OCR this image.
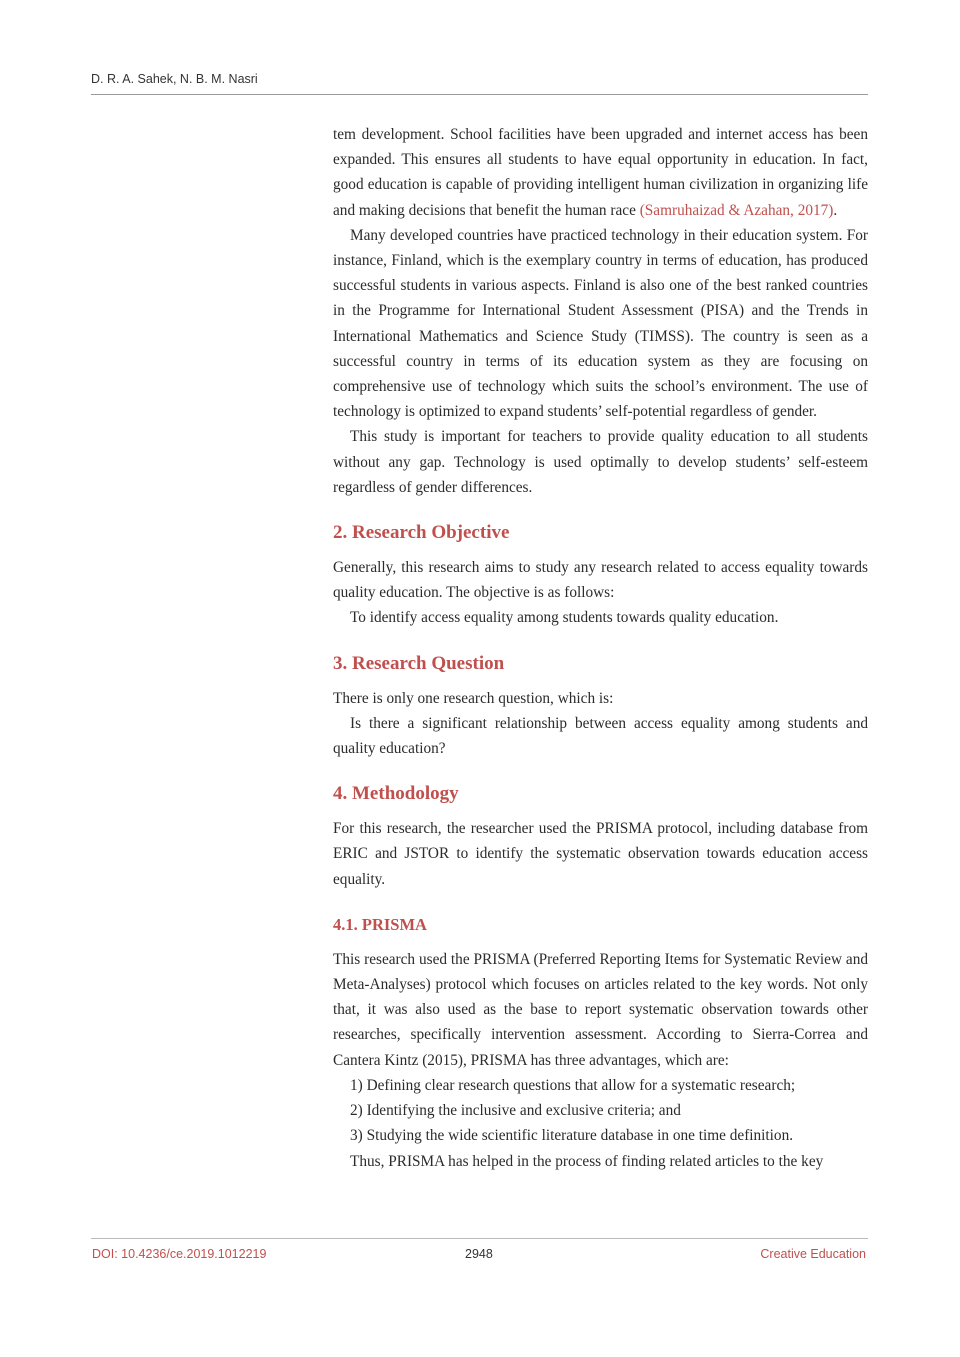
D. R. A. Sahek, N. B. M. Nasri

tem development. School facilities have been upgraded and internet access has been expanded. This ensures all students to have equal opportunity in education. In fact, good education is capable of providing intelligent human civilization in organizing life and making decisions that benefit the human race (Samruhaizad & Azahan, 2017).

Many developed countries have practiced technology in their education system. For instance, Finland, which is the exemplary country in terms of education, has produced successful students in various aspects. Finland is also one of the best ranked countries in the Programme for International Student Assessment (PISA) and the Trends in International Mathematics and Science Study (TIMSS). The country is seen as a successful country in terms of its education system as they are focusing on comprehensive use of technology which suits the school’s environment. The use of technology is optimized to expand students’ self-potential regardless of gender.

This study is important for teachers to provide quality education to all students without any gap. Technology is used optimally to develop students’ self-esteem regardless of gender differences.

2. Research Objective

Generally, this research aims to study any research related to access equality towards quality education. The objective is as follows:

To identify access equality among students towards quality education.

3. Research Question

There is only one research question, which is:

Is there a significant relationship between access equality among students and quality education?

4. Methodology

For this research, the researcher used the PRISMA protocol, including database from ERIC and JSTOR to identify the systematic observation towards education access equality.

4.1. PRISMA

This research used the PRISMA (Preferred Reporting Items for Systematic Review and Meta-Analyses) protocol which focuses on articles related to the key words. Not only that, it was also used as the base to report systematic observation towards other researches, specifically intervention assessment. According to Sierra-Correa and Cantera Kintz (2015), PRISMA has three advantages, which are:

1) Defining clear research questions that allow for a systematic research;

2) Identifying the inclusive and exclusive criteria; and

3) Studying the wide scientific literature database in one time definition.

Thus, PRISMA has helped in the process of finding related articles to the key

DOI: 10.4236/ce.2019.1012219	2948	Creative Education
